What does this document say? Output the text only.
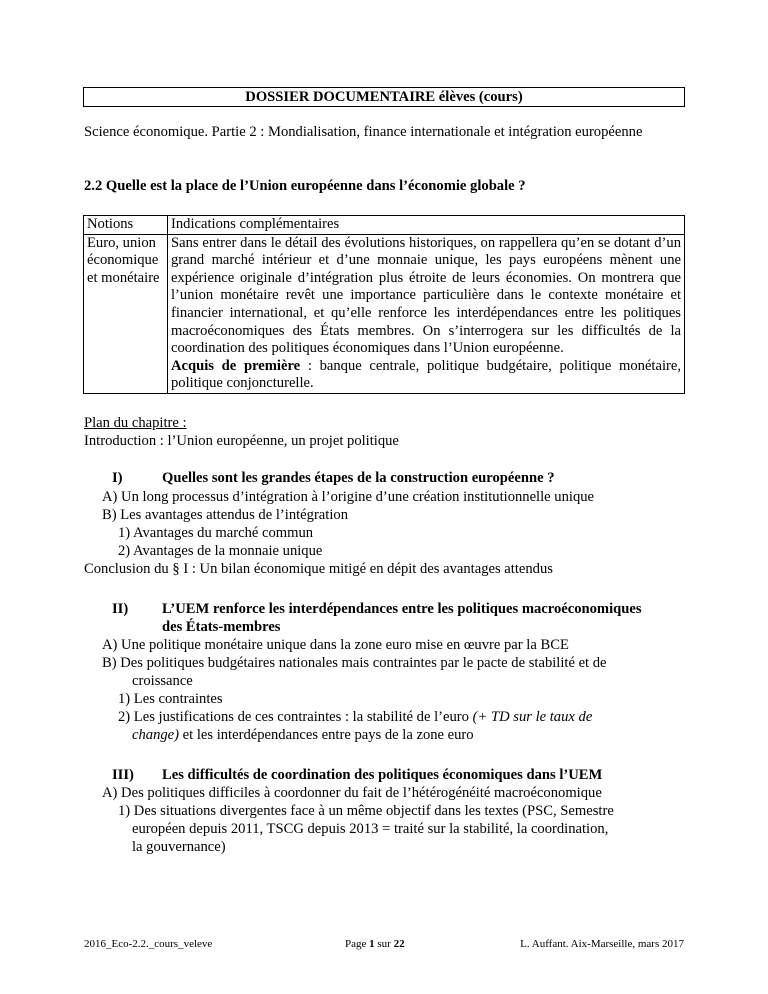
DOSSIER DOCUMENTAIRE élèves (cours)
Science économique. Partie 2 : Mondialisation, finance internationale et intégration européenne
2.2 Quelle est la place de l’Union européenne dans l’économie globale ?
Notions	Indications complémentaires
Euro, union économique et monétaire	Sans entrer dans le détail des évolutions historiques, on rappellera qu’en se dotant d’un grand marché intérieur et d’une monnaie unique, les pays européens mènent une expérience originale d’intégration plus étroite de leurs économies. On montrera que l’union monétaire revêt une importance particulière dans le contexte monétaire et financier international, et qu’elle renforce les interdépendances entre les politiques macroéconomiques des États membres. On s’interrogera sur les difficultés de la coordination des politiques économiques dans l’Union européenne.
Acquis de première : banque centrale, politique budgétaire, politique monétaire, politique conjoncturelle.
Plan du chapitre :
Introduction : l’Union européenne, un projet politique
I)	Quelles sont les grandes étapes de la construction européenne ?
A) Un long processus d’intégration à l’origine d’une création institutionnelle unique
B) Les avantages attendus de l’intégration
1) Avantages du marché commun
2) Avantages de la monnaie unique
Conclusion du § I : Un bilan économique mitigé en dépit des avantages attendus
II) L’UEM renforce les interdépendances entre les politiques macroéconomiques
des États-membres
A) Une politique monétaire unique dans la zone euro mise en œuvre par la BCE
B) Des politiques budgétaires nationales mais contraintes par le pacte de stabilité et de
croissance
1) Les contraintes
2) Les justifications de ces contraintes : la stabilité de l’euro (+ TD sur le taux de
change) et les interdépendances entre pays de la zone euro
III) Les difficultés de coordination des politiques économiques dans l’UEM
A) Des politiques difficiles à coordonner du fait de l’hétérogénéité macroéconomique
1) Des situations divergentes face à un même objectif dans les textes (PSC, Semestre
européen depuis 2011, TSCG depuis 2013 = traité sur la stabilité, la coordination,
la gouvernance)
2016_Eco-2.2._cours_veleve	Page 1 sur 22	L. Auffant. Aix-Marseille, mars 2017
